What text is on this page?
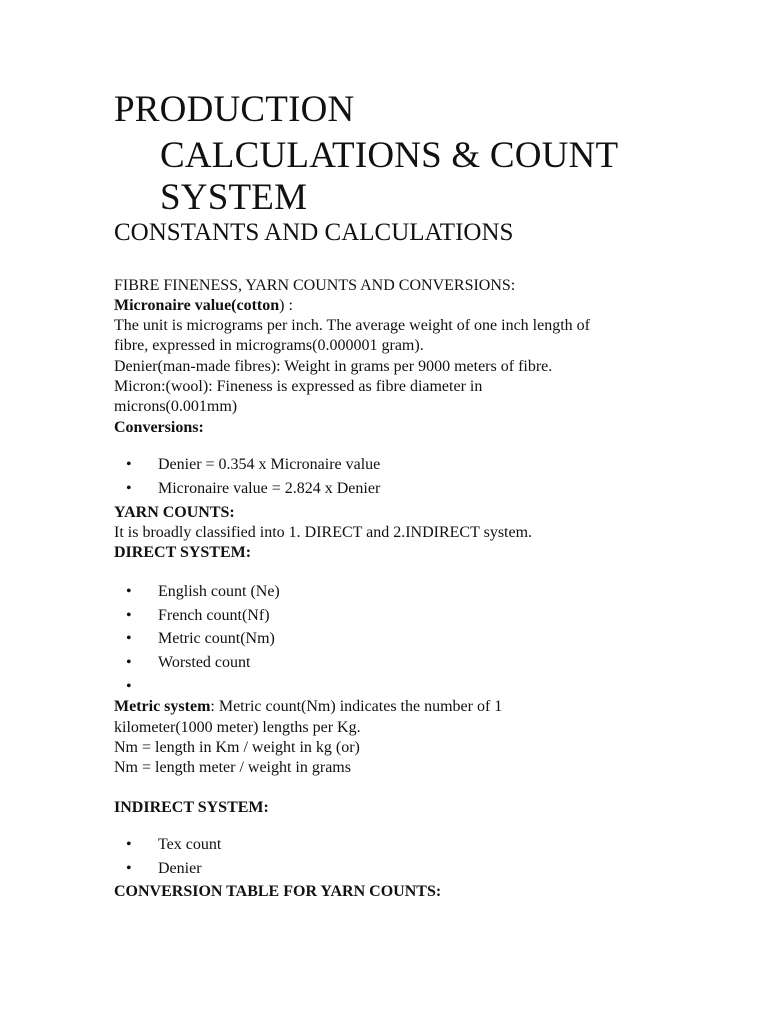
PRODUCTION
CALCULATIONS & COUNT
SYSTEM
CONSTANTS AND CALCULATIONS
FIBRE FINENESS, YARN COUNTS AND CONVERSIONS:
Micronaire value(cotton) :
The unit is micrograms per inch. The average weight of one inch length of
fibre, expressed in micrograms(0.000001 gram).
Denier(man-made fibres): Weight in grams per 9000 meters of fibre.
Micron:(wool): Fineness is expressed as fibre diameter in
microns(0.001mm)
Conversions:
•	Denier = 0.354 x Micronaire value
•	Micronaire value = 2.824 x Denier
YARN COUNTS:
It is broadly classified into 1. DIRECT and 2.INDIRECT system.
DIRECT SYSTEM:
•	English count (Ne)
•	French count(Nf)
•	Metric count(Nm)
•	Worsted count
•
Metric system: Metric count(Nm) indicates the number of 1
kilometer(1000 meter) lengths per Kg.
Nm = length in Km / weight in kg (or)
Nm = length meter / weight in grams
INDIRECT SYSTEM:
•	Tex count
•	Denier
CONVERSION TABLE FOR YARN COUNTS:
